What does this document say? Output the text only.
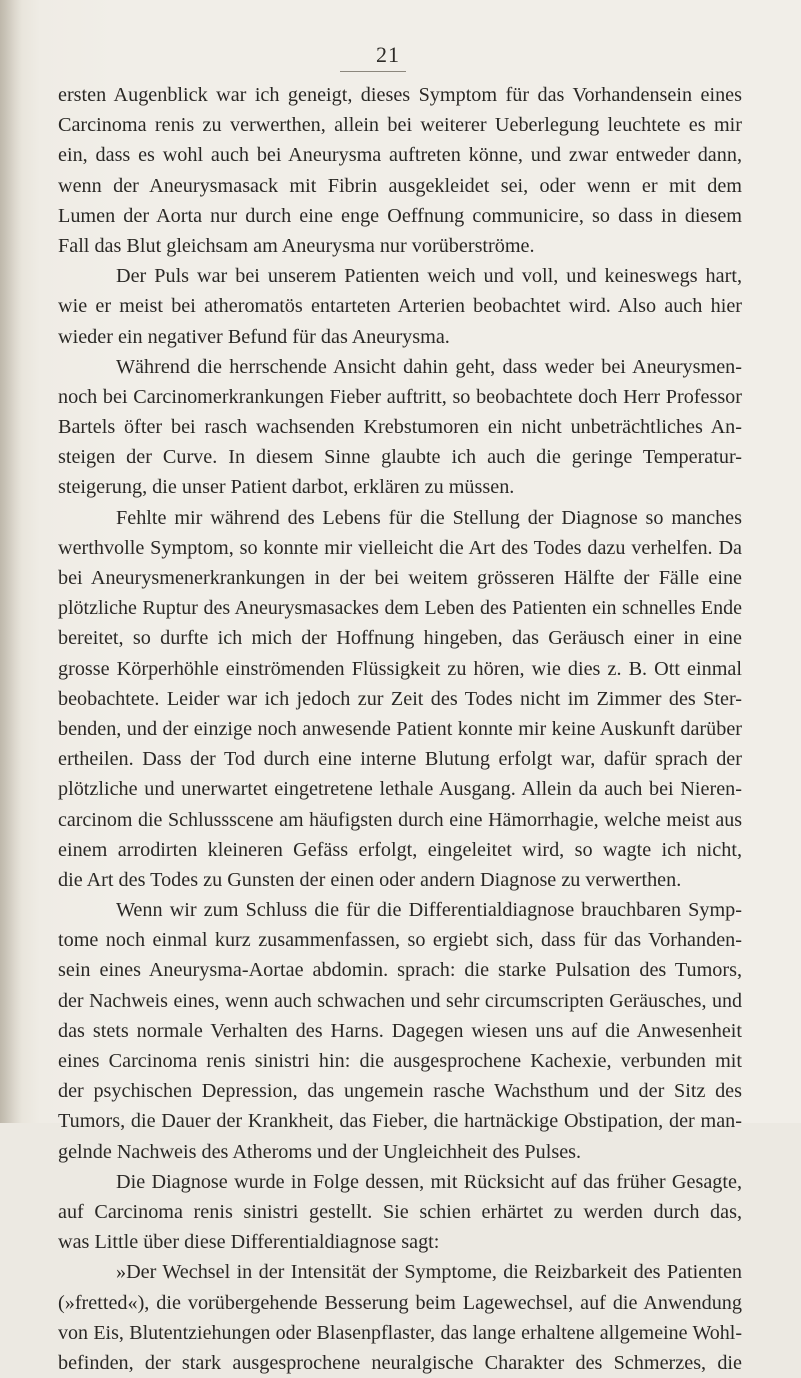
21
ersten Augenblick war ich geneigt, dieses Symptom für das Vorhandensein eines
Carcinoma renis zu verwerthen, allein bei weiterer Ueberlegung leuchtete es mir
ein, dass es wohl auch bei Aneurysma auftreten könne, und zwar entweder dann,
wenn der Aneurysmasack mit Fibrin ausgekleidet sei, oder wenn er mit dem
Lumen der Aorta nur durch eine enge Oeffnung communicire, so dass in diesem
Fall das Blut gleichsam am Aneurysma nur vorüberströme.
Der Puls war bei unserem Patienten weich und voll, und keineswegs hart,
wie er meist bei atheromatös entarteten Arterien beobachtet wird. Also auch hier
wieder ein negativer Befund für das Aneurysma.
Während die herrschende Ansicht dahin geht, dass weder bei Aneurysmen-
noch bei Carcinomerkrankungen Fieber auftritt, so beobachtete doch Herr Professor
Bartels öfter bei rasch wachsenden Krebstumoren ein nicht unbeträchtliches An-
steigen der Curve. In diesem Sinne glaubte ich auch die geringe Temperatur-
steigerung, die unser Patient darbot, erklären zu müssen.
Fehlte mir während des Lebens für die Stellung der Diagnose so manches
werthvolle Symptom, so konnte mir vielleicht die Art des Todes dazu verhelfen. Da
bei Aneurysmenerkrankungen in der bei weitem grösseren Hälfte der Fälle eine
plötzliche Ruptur des Aneurysmasackes dem Leben des Patienten ein schnelles Ende
bereitet, so durfte ich mich der Hoffnung hingeben, das Geräusch einer in eine
grosse Körperhöhle einströmenden Flüssigkeit zu hören, wie dies z. B. Ott einmal
beobachtete. Leider war ich jedoch zur Zeit des Todes nicht im Zimmer des Ster-
benden, und der einzige noch anwesende Patient konnte mir keine Auskunft darüber
ertheilen. Dass der Tod durch eine interne Blutung erfolgt war, dafür sprach der
plötzliche und unerwartet eingetretene lethale Ausgang. Allein da auch bei Nieren-
carcinom die Schlussscene am häufigsten durch eine Hämorrhagie, welche meist aus
einem arrodirten kleineren Gefäss erfolgt, eingeleitet wird, so wagte ich nicht,
die Art des Todes zu Gunsten der einen oder andern Diagnose zu verwerthen.
Wenn wir zum Schluss die für die Differentialdiagnose brauchbaren Symp-
tome noch einmal kurz zusammenfassen, so ergiebt sich, dass für das Vorhanden-
sein eines Aneurysma-Aortae abdomin. sprach: die starke Pulsation des Tumors,
der Nachweis eines, wenn auch schwachen und sehr circumscripten Geräusches, und
das stets normale Verhalten des Harns. Dagegen wiesen uns auf die Anwesenheit
eines Carcinoma renis sinistri hin: die ausgesprochene Kachexie, verbunden mit
der psychischen Depression, das ungemein rasche Wachsthum und der Sitz des
Tumors, die Dauer der Krankheit, das Fieber, die hartnäckige Obstipation, der man-
gelnde Nachweis des Atheroms und der Ungleichheit des Pulses.
Die Diagnose wurde in Folge dessen, mit Rücksicht auf das früher Gesagte,
auf Carcinoma renis sinistri gestellt. Sie schien erhärtet zu werden durch das,
was Little über diese Differentialdiagnose sagt:
»Der Wechsel in der Intensität der Symptome, die Reizbarkeit des Patienten
(»fretted«), die vorübergehende Besserung beim Lagewechsel, auf die Anwendung
von Eis, Blutentziehungen oder Blasenpflaster, das lange erhaltene allgemeine Wohl-
befinden, der stark ausgesprochene neuralgische Charakter des Schmerzes, die
